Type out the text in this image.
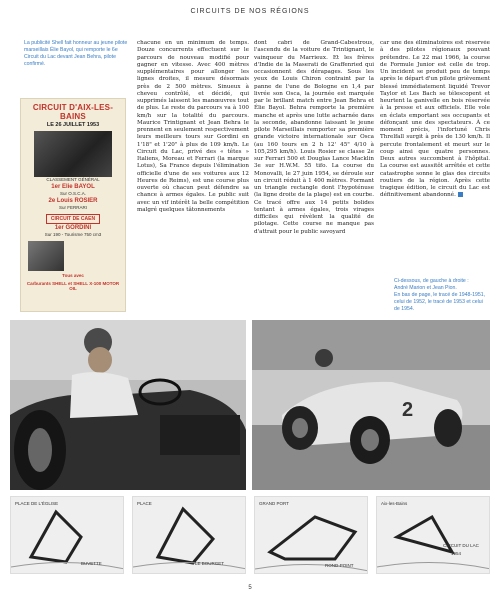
CIRCUITS DE NOS RÉGIONS
La publicité Shell fait honneur au jeune pilote marseillais Élie Bayol, qui remporte le 6e Circuit du Lac devant Jean Behra, pilote confirmé.
CIRCUIT D'AIX-LES-BAINS
LE 26 JUILLET 1953
CLASSEMENT GÉNÉRAL
1er Elie BAYOL
Sur O.S.C.A.
2e Louis ROSIER
Sur FERRARI
CIRCUIT DE CAEN
1er GORDINI
Sur 190 - Tourisme 750 cm3
Tous avec
Carburants SHELL et SHELL X-100 MOTOR OIL
chacune en un minimum de temps. Douze concurrents effectuent sur le parcours de nouveau modifié pour gagner en vitesse. Avec 400 mètres supplémentaires pour allonger les lignes droites, il mesure désormais près de 2 500 mètres. Sinueux à cheveu contrôlé, et décidé, qui supprimés laissent les manœuvres tout de plus. Le reste du parcours va à 100 km/h sur la totalité du parcours. Maurice Trintignant et Jean Behra le prennent en seulement respectivement leurs meilleurs tours sur Gordini en 1'18" et 1'20" à plus de 109 km/h. Le Circuit du Lac, privé des « têtes » Italiens, Moreau et Ferrari (la marque Lotus), Sa France depuis l'élimination officielle d'une de ses voitures aux 12 Heures de Reims), est une course plus ouverte où chacun peut défendre sa chance à armes égales. Le public suit avec un vif intérêt la belle compétition malgré quelques tâtonnements
dont cabri de Grand-Cabestrous, l'ascendu de la voiture de Trintignant, le vainqueur du Marrieux. Et les frères d'Indie de la Maserati de Graffenried qui occasionnent des dérapages. Sous les yeux de Louis Chiron contraint par la panne de l'une de Bologne en 1,4 par livrée son Osca, la journée est marquée par le brillant match entre Jean Behra et Élie Bayol. Behra remporte la première manche et après une lutte acharnée dans la seconde, abandonne laissant le jeune pilote Marseillais remporter sa première grande victoire internationale sur Osca (au 160 tours en 2 h 12' 45" 4/10 à 105,295 km/h). Louis Rosier se classe 2e sur Ferrari 500 et Douglas Lance Macklin 3e sur H.W.M. 55 tifo. La course du Monovalli, le 27 juin 1954, se déroule sur un circuit réduit à 1 400 mètres. Formant un triangle rectangle dont l'hypoténuse (la ligne droite de la plage) est en courbe. Ce tracé offre aux 14 petits bolides tentant à armes égales, trois virages difficiles qui révèlent la qualité de pilotage. Cette course ne manque pas d'attrait pour le public savoyard
car une des éliminatoires est réservée à des pilotes régionaux pouvant prétendre. Le 22 mai 1966, la course de Formule Junior est celle de trop. Un incident se produit peu de temps après le départ d'un pilote grièvement blessé immédiatement liquidé Trevor Taylor et Les Bach se télescopent et heurtent la ganivelle en bois réservée à la presse et aux officiels. Elle vole en éclats emportant ses occupants et défonçant une des spectateurs. À ce moment précis, l'infortuné Chris Threlfall surgit à près de 130 km/h. Il percute frontalement et meurt sur le coup ainsi que quatre personnes. Deux autres succombent à l'hôpital. La course est aussitôt arrêtée et cette catastrophe sonne le glas des circuits routiers de la région. Après cette tragique édition, le circuit du Lac est définitivement abandonné.
Ci-dessous, de gauche à droite :
André Marion et Jean Pion.
En bas de page, le tracé de 1948-1951, celui de 1952, le tracé de 1953 et celui de 1954.
2
PLACE DE L'ÉGLISE
BUVETTE
PLACE
LE BOURGET
GRAND PORT
ROND-POINT
Aix-les-Bains
CIRCUIT DU LAC
1954
5
